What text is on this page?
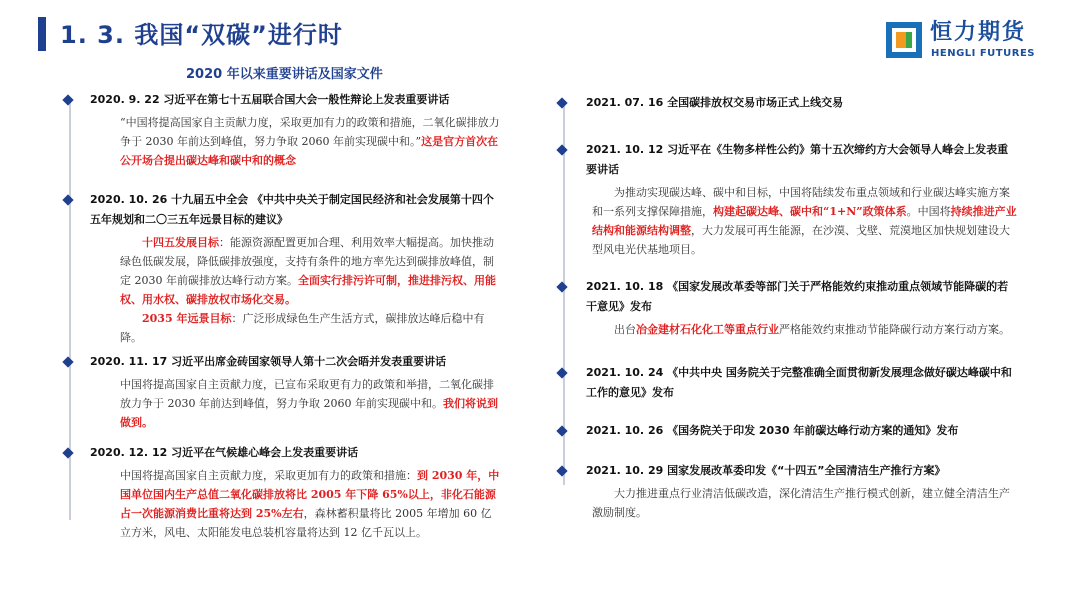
1. 3. 我国“双碳”进行时
2020 年以来重要讲话及国家文件
恒力期货
HENGLI FUTURES
2020. 9. 22 习近平在第七十五届联合国大会一般性辩论上发表重要讲话
“中国将提高国家自主贡献力度，采取更加有力的政策和措施，二氧化碳排放力争于 2030 年前达到峰值，努力争取 2060 年前实现碳中和。”这是官方首次在公开场合提出碳达峰和碳中和的概念
2020. 10. 26 十九届五中全会 《中共中央关于制定国民经济和社会发展第十四个五年规划和二〇三五年远景目标的建议》
十四五发展目标：能源资源配置更加合理、利用效率大幅提高。加快推动绿色低碳发展，降低碳排放强度，支持有条件的地方率先达到碳排放峰值，制定 2030 年前碳排放达峰行动方案。全面实行排污许可制，推进排污权、用能权、用水权、碳排放权市场化交易。
2035 年远景目标：广泛形成绿色生产生活方式，碳排放达峰后稳中有降。
2020. 11. 17 习近平出席金砖国家领导人第十二次会晤并发表重要讲话
中国将提高国家自主贡献力度，已宣布采取更有力的政策和举措，二氧化碳排放力争于 2030 年前达到峰值，努力争取 2060 年前实现碳中和。我们将说到做到。
2020. 12. 12 习近平在气候雄心峰会上发表重要讲话
中国将提高国家自主贡献力度，采取更加有力的政策和措施：到 2030 年，中国单位国内生产总值二氧化碳排放将比 2005 年下降 65%以上，非化石能源占一次能源消费比重将达到 25%左右，森林蓄积量将比 2005 年增加 60 亿立方米，风电、太阳能发电总装机容量将达到 12 亿千瓦以上。
2021. 07. 16 全国碳排放权交易市场正式上线交易
2021. 10. 12 习近平在《生物多样性公约》第十五次缔约方大会领导人峰会上发表重要讲话
为推动实现碳达峰、碳中和目标，中国将陆续发布重点领域和行业碳达峰实施方案和一系列支撑保障措施，构建起碳达峰、碳中和“1+N”政策体系。中国将持续推进产业结构和能源结构调整，大力发展可再生能源，在沙漠、戈壁、荒漠地区加快规划建设大型风电光伏基地项目。
2021. 10. 18 《国家发展改革委等部门关于严格能效约束推动重点领域节能降碳的若干意见》发布
出台冶金建材石化化工等重点行业严格能效约束推动节能降碳行动方案行动方案。
2021. 10. 24 《中共中央 国务院关于完整准确全面贯彻新发展理念做好碳达峰碳中和工作的意见》发布
2021. 10. 26 《国务院关于印发 2030 年前碳达峰行动方案的通知》发布
2021. 10. 29 国家发展改革委印发《“十四五”全国清洁生产推行方案》
大力推进重点行业清洁低碳改造，深化清洁生产推行模式创新，建立健全清洁生产激励制度。
